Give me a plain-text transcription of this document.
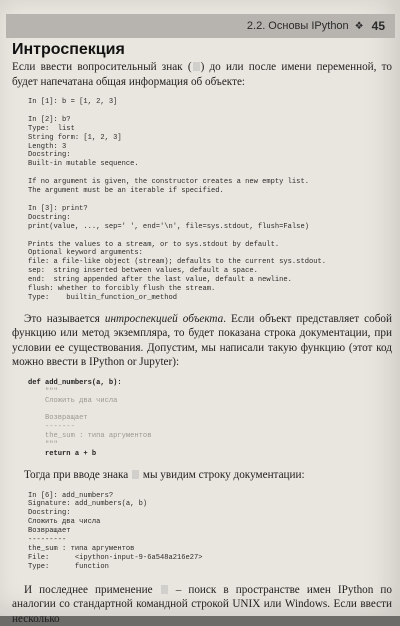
2.2. Основы IPython ❖ 45
Интроспекция

Если ввести вопросительный знак ( ) до или после имени переменной, то будет напечатана общая информация об объекте:

In [1]: b = [1, 2, 3]

In [2]: b?
Type:  list
String form: [1, 2, 3]
Length: 3
Docstring:
Built-in mutable sequence.

If no argument is given, the constructor creates a new empty list.
The argument must be an iterable if specified.

In [3]: print?
Docstring:
print(value, ..., sep=' ', end='\n', file=sys.stdout, flush=False)

Prints the values to a stream, or to sys.stdout by default.
Optional keyword arguments:
file: a file-like object (stream); defaults to the current sys.stdout.
sep:  string inserted between values, default a space.
end:  string appended after the last value, default a newline.
flush: whether to forcibly flush the stream.
Type:    builtin_function_or_method

Это называется интроспекцией объекта. Если объект представляет собой функцию или метод экземпляра, то будет показана строка документации, при условии ее существования. Допустим, мы написали такую функцию (этот код можно ввести в IPython or Jupyter):

def add_numbers(a, b):
"""
Сложить два числа

Возвращает
-------
the_sum : типа аргументов
"""
return a + b

Тогда при вводе знака  мы увидим строку документации:

In [6]: add_numbers?
Signature: add_numbers(a, b)
Docstring:
Сложить два числа
Возвращает
---------
the_sum : типа аргументов
File:      <ipython-input-9-6a548a216e27>
Type:      function

И последнее применение  – поиск в пространстве имен IPython по аналогии со стандартной командной строкой UNIX или Windows. Если ввести несколько
